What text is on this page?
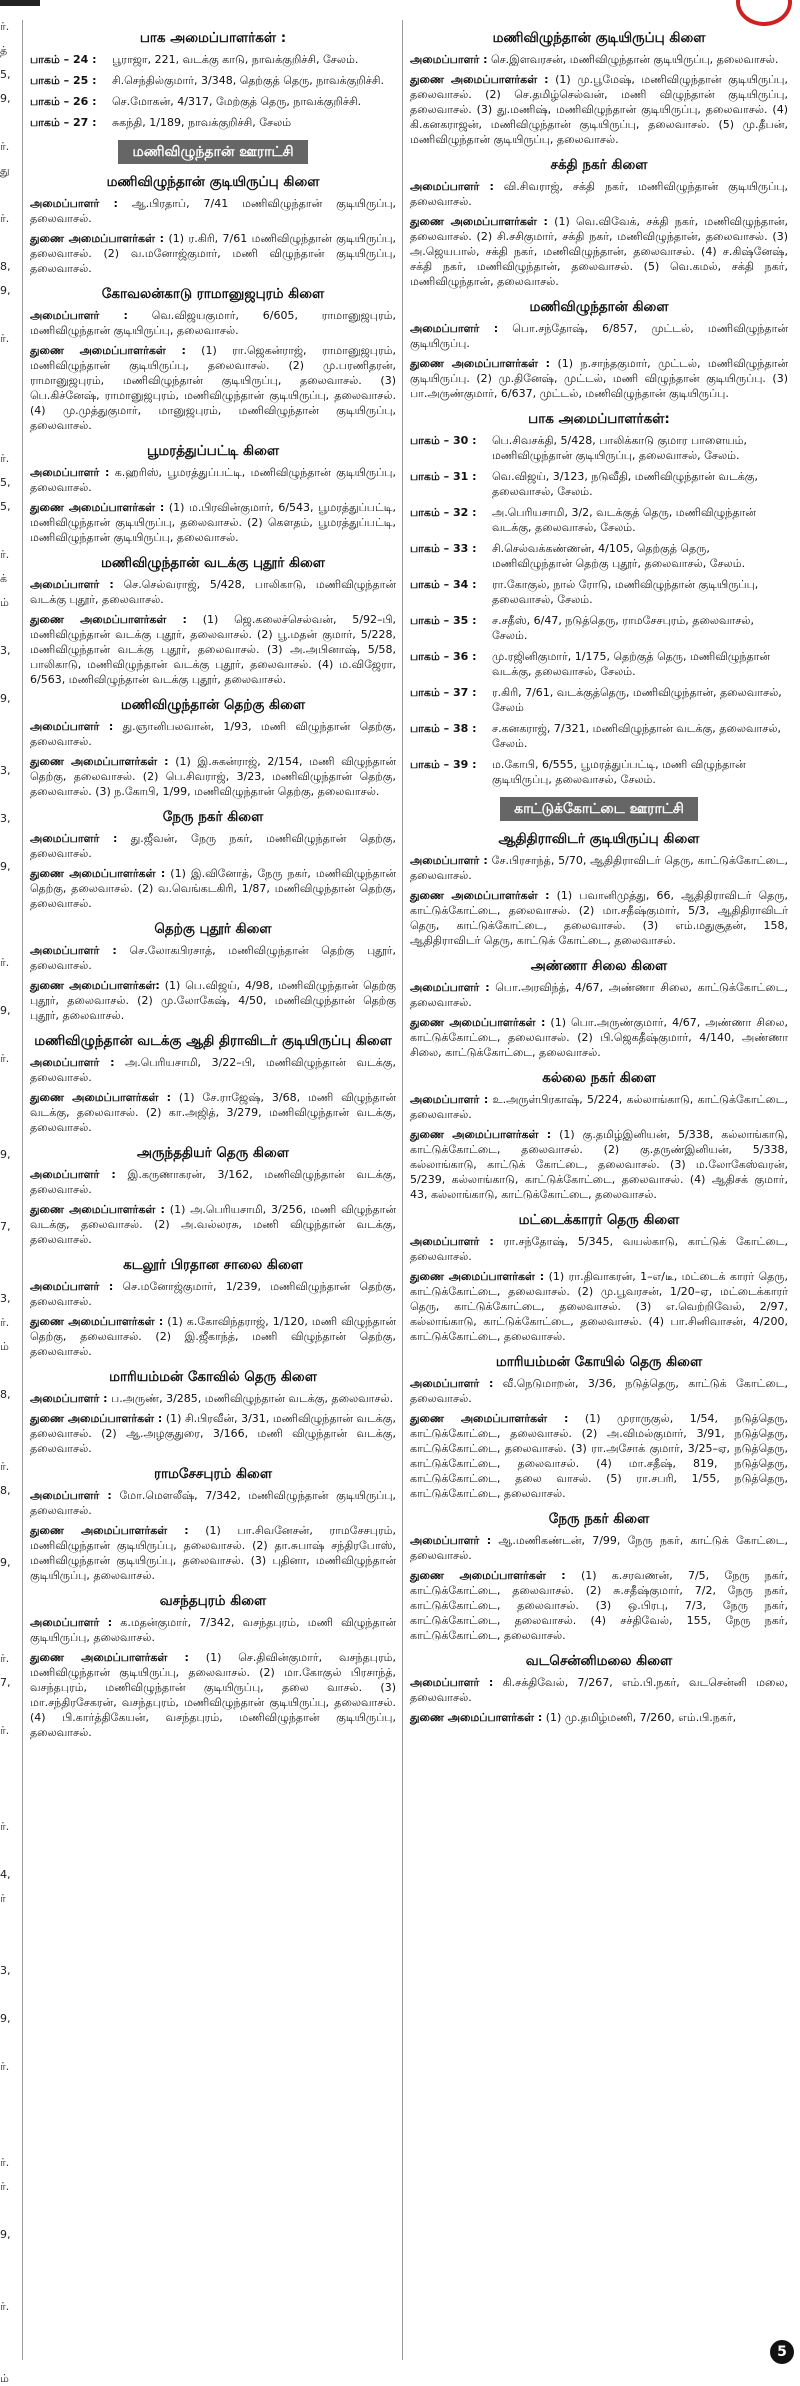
ர்.
த்
5,
9,
ர்.
து
ர்.
8,
9,
ர்.
ர்.
5,
5,
ர்.
க்
ம்
3,
9,
3,
3,
9,
ர்.
9,
ர்.
9,
7,
3,
ர்.
ம்
8,
ர்.
8,
9,
ர்.
7,
ர்.
ர்.
4,
ர்
3,
9,
ர்.
ர்.
ர்.
9,
ர்.
ம்
பாக அமைப்பாளர்கள் :
பாகம் – 24 :	பூராஜா, 221, வடக்கு காடு, நாவக்குறிச்சி, சேலம்.
பாகம் – 25 :	சி.செந்தில்குமார், 3/348, தெற்குத் தெரு, நாவக்குறிச்சி.
பாகம் – 26 :	செ.மோகன், 4/317, மேற்குத் தெரு, நாவக்குறிச்சி.
பாகம் – 27 :	சுகந்தி, 1/189, நாவக்குறிச்சி, சேலம்
மணிவிழுந்தான் ஊராட்சி
மணிவிழுந்தான் குடியிருப்பு கிளை
அமைப்பாளர் : ஆ.பிரதாப், 7/41 மணிவிழுந்தான் குடியிருப்பு, தலைவாசல்.
துணை அமைப்பாளர்கள் : (1) ர.கிரி, 7/61 மணிவிழுந்தான் குடியிருப்பு, தலைவாசல். (2) வ.மனோஜ்குமார், மணி விழுந்தான் குடியிருப்பு, தலைவாசல்.
கோவலன்காடு ராமானுஜபுரம் கிளை
அமைப்பாளர் : வெ.விஜயகுமார், 6/605, ராமானுஜபுரம், மணிவிழுந்தான் குடியிருப்பு, தலைவாசல்.
துணை அமைப்பாளர்கள் : (1) ரா.ஜெகன்ராஜ், ராமானுஜபுரம், மணிவிழுந்தான் குடியிருப்பு, தலைவாசல். (2) மு.பரணிதரன், ராமானுஜபுரம், மணிவிழுந்தான் குடியிருப்பு, தலைவாசல். (3) பெ.கிச்னேஷ், ராமானுஜபுரம், மணிவிழுந்தான் குடியிருப்பு, தலைவாசல். (4) மு.முத்துகுமார், மானுஜபுரம், மணிவிழுந்தான் குடியிருப்பு, தலைவாசல்.
பூமரத்துப்பட்டி கிளை
அமைப்பாளர் : க.ஹரிஸ், பூமரத்துப்பட்டி, மணிவிழுந்தான் குடியிருப்பு, தலைவாசல்.
துணை அமைப்பாளர்கள் : (1) ம.பிரவின்குமார், 6/543, பூமரத்துப்பட்டி, மணிவிழுந்தான் குடியிருப்பு, தலைவாசல். (2) கௌதம், பூமரத்துப்பட்டி, மணிவிழுந்தான் குடியிருப்பு, தலைவாசல்.
மணிவிழுந்தான் வடக்கு புதூர் கிளை
அமைப்பாளர் : செ.செல்வராஜ், 5/428, பாலிகாடு, மணிவிழுந்தான் வடக்கு புதூர், தலைவாசல்.
துணை அமைப்பாளர்கள் : (1) ஜெ.கலைச்செல்வன், 5/92–பி, மணிவிழுந்தான் வடக்கு புதூர், தலைவாசல். (2) பூ.மதன் குமார், 5/228, மணிவிழுந்தான் வடக்கு புதூர், தலைவாசல். (3) அ.அபினாஷ், 5/58, பாலிகாடு, மணிவிழுந்தான் வடக்கு புதூர், தலைவாசல். (4) ம.விஜேரா, 6/563, மணிவிழுந்தான் வடக்கு புதூர், தலைவாசல்.
மணிவிழுந்தான் தெற்கு கிளை
அமைப்பாளர் : து.ஞானிபலவான், 1/93, மணி விழுந்தான் தெற்கு, தலைவாசல்.
துணை அமைப்பாளர்கள் : (1) இ.சுகன்ராஜ், 2/154, மணி விழுந்தான் தெற்கு, தலைவாசல். (2) பெ.சிவராஜ், 3/23, மணிவிழுந்தான் தெற்கு, தலைவாசல். (3) ந.கோபி, 1/99, மணிவிழுந்தான் தெற்கு, தலைவாசல்.
நேரு நகர் கிளை
அமைப்பாளர் : து.ஜீவன், நேரு நகர், மணிவிழுந்தான் தெற்கு, தலைவாசல்.
துணை அமைப்பாளர்கள் : (1) இ.வினோத், நேரு நகர், மணிவிழுந்தான் தெற்கு, தலைவாசல். (2) வ.வெங்கடகிரி, 1/87, மணிவிழுந்தான் தெற்கு, தலைவாசல்.
தெற்கு புதூர் கிளை
அமைப்பாளர் : செ.லோகபிரசாத், மணிவிழுந்தான் தெற்கு புதூர், தலைவாசல்.
துணை அமைப்பாளர்கள்: (1) பெ.விஜய், 4/98, மணிவிழுந்தான் தெற்கு புதூர், தலைவாசல். (2) மு.லோகேஷ், 4/50, மணிவிழுந்தான் தெற்கு புதூர், தலைவாசல்.
மணிவிழுந்தான் வடக்கு ஆதி திராவிடர் குடியிருப்பு கிளை
அமைப்பாளர் : அ.பெரியசாமி, 3/22–பி, மணிவிழுந்தான் வடக்கு, தலைவாசல்.
துணை அமைப்பாளர்கள் : (1) சே.ராஜேஷ், 3/68, மணி விழுந்தான் வடக்கு, தலைவாசல். (2) கா.அஜித், 3/279, மணிவிழுந்தான் வடக்கு, தலைவாசல்.
அருந்ததியர் தெரு கிளை
அமைப்பாளர் : இ.கருணாகரன், 3/162, மணிவிழுந்தான் வடக்கு, தலைவாசல்.
துணை அமைப்பாளர்கள் : (1) அ.பெரியசாமி, 3/256, மணி விழுந்தான் வடக்கு, தலைவாசல். (2) அ.வல்லரசு, மணி விழுந்தான் வடக்கு, தலைவாசல்.
கடலூர் பிரதான சாலை கிளை
அமைப்பாளர் : செ.மனோஜ்குமார், 1/239, மணிவிழுந்தான் தெற்கு, தலைவாசல்.
துணை அமைப்பாளர்கள் : (1) க.கோவிந்தராஜ், 1/120, மணி விழுந்தான் தெற்கு, தலைவாசல். (2) இ.ஜீகாந்த், மணி விழுந்தான் தெற்கு, தலைவாசல்.
மாரியம்மன் கோவில் தெரு கிளை
அமைப்பாளர் : ப.அருண், 3/285, மணிவிழுந்தான் வடக்கு, தலைவாசல்.
துணை அமைப்பாளர்கள் : (1) சி.பிரவீன், 3/31, மணிவிழுந்தான் வடக்கு, தலைவாசல். (2) ஆ.அழகுதுரை, 3/166, மணி விழுந்தான் வடக்கு, தலைவாசல்.
ராமசேசபுரம் கிளை
அமைப்பாளர் : மோ.மௌலீஷ், 7/342, மணிவிழுந்தான் குடியிருப்பு, தலைவாசல்.
துணை அமைப்பாளர்கள் : (1) பா.சிவனேசன், ராமசேசபுரம், மணிவிழுந்தான் குடியிருப்பு, தலைவாசல். (2) தா.சுபாஷ் சந்திரபோஸ், மணிவிழுந்தான் குடியிருப்பு, தலைவாசல். (3) புதினா, மணிவிழுந்தான் குடியிருப்பு, தலைவாசல்.
வசந்தபுரம் கிளை
அமைப்பாளர் : க.மதன்குமார், 7/342, வசந்தபுரம், மணி விழுந்தான் குடியிருப்பு, தலைவாசல்.
துணை அமைப்பாளர்கள் : (1) செ.திவின்குமார், வசந்தபுரம், மணிவிழுந்தான் குடியிருப்பு, தலைவாசல். (2) மா.கோகுல் பிரசாந்த், வசந்தபுரம், மணிவிழுந்தான் குடியிருப்பு, தலை வாசல். (3) மா.சந்திரசேகரன், வசந்தபுரம், மணிவிழுந்தான் குடியிருப்பு, தலைவாசல். (4) பி.கார்த்திகேயன், வசந்தபுரம், மணிவிழுந்தான் குடியிருப்பு, தலைவாசல்.
மணிவிழுந்தான் குடியிருப்பு கிளை
அமைப்பாளர் : செ.இளவரசன், மணிவிழுந்தான் குடியிருப்பு, தலைவாசல்.
துணை அமைப்பாளர்கள் : (1) மு.பூமேஷ், மணிவிழுந்தான் குடியிருப்பு, தலைவாசல். (2) செ.தமிழ்செல்வன், மணி விழுந்தான் குடியிருப்பு, தலைவாசல். (3) து.மணிஷ், மணிவிழுந்தான் குடியிருப்பு, தலைவாசல். (4) கி.கனகராஜன், மணிவிழுந்தான் குடியிருப்பு, தலைவாசல். (5) மு.தீபன், மணிவிழுந்தான் குடியிருப்பு, தலைவாசல்.
சக்தி நகர் கிளை
அமைப்பாளர் : வி.சிவராஜ், சக்தி நகர், மணிவிழுந்தான் குடியிருப்பு, தலைவாசல்.
துணை அமைப்பாளர்கள் : (1) வெ.விவேக், சக்தி நகர், மணிவிழுந்தான், தலைவாசல். (2) சி.சசிகுமார், சக்தி நகர், மணிவிழுந்தான், தலைவாசல். (3) அ.ஜெயபால், சக்தி நகர், மணிவிழுந்தான், தலைவாசல். (4) ச.கிஷ்னேஷ், சக்தி நகர், மணிவிழுந்தான், தலைவாசல். (5) வெ.கமல், சக்தி நகர், மணிவிழுந்தான், தலைவாசல்.
மணிவிழுந்தான் கிளை
அமைப்பாளர் : பொ.சந்தோஷ், 6/857, முட்டல், மணிவிழுந்தான் குடியிருப்பு.
துணை அமைப்பாளர்கள் : (1) ந.சாந்தகுமார், முட்டல், மணிவிழுந்தான் குடியிருப்பு. (2) மு.தினேஷ், முட்டல், மணி விழுந்தான் குடியிருப்பு. (3) பா.அருண்குமார், 6/637, முட்டல், மணிவிழுந்தான் குடியிருப்பு.
பாக அமைப்பாளர்கள்:
பாகம் – 30 :	பெ.சிவசக்தி, 5/428, பாலிக்காடு குமார பாளையம், மணிவிழுந்தான் குடியிருப்பு, தலைவாசல், சேலம்.
பாகம் – 31 :	வெ.விஜய், 3/123, நடுவீதி, மணிவிழுந்தான் வடக்கு, தலைவாசல், சேலம்.
பாகம் – 32 :	அ.பெரியசாமி, 3/2, வடக்குத் தெரு, மணிவிழுந்தான் வடக்கு, தலைவாசல், சேலம்.
பாகம் – 33 :	சி.செல்வக்கண்ணன், 4/105, தெற்குத் தெரு, மணிவிழுந்தான் தெற்கு புதூர், தலைவாசல், சேலம்.
பாகம் – 34 :	ரா.கோகுல், நால் ரோடு, மணிவிழுந்தான் குடியிருப்பு, தலைவாசல், சேலம்.
பாகம் – 35 :	ச.சதீஸ், 6/47, நடுத்தெரு, ராமசேசபுரம், தலைவாசல், சேலம்.
பாகம் – 36 :	மு.ரஜினிகுமார், 1/175, தெற்குத் தெரு, மணிவிழுந்தான் வடக்கு, தலைவாசல், சேலம்.
பாகம் – 37 :	ர.கிரி, 7/61, வடக்குத்தெரு, மணிவிழுந்தான், தலைவாசல், சேலம்
பாகம் – 38 :	ச.கனகராஜ், 7/321, மணிவிழுந்தான் வடக்கு, தலைவாசல், சேலம்.
பாகம் – 39 :	ம.கோபி, 6/555, பூமரத்துப்பட்டி, மணி விழுந்தான் குடியிருப்பு, தலைவாசல், சேலம்.
காட்டுக்கோட்டை ஊராட்சி
ஆதிதிராவிடர் குடியிருப்பு கிளை
அமைப்பாளர் : சே.பிரசாந்த், 5/70, ஆதிதிராவிடர் தெரு, காட்டுக்கோட்டை, தலைவாசல்.
துணை அமைப்பாளர்கள் : (1) பவானிமுத்து, 66, ஆதிதிராவிடர் தெரு, காட்டுக்கோட்டை, தலைவாசல். (2) மா.சதீஷ்குமார், 5/3, ஆதிதிராவிடர் தெரு, காட்டுக்கோட்டை, தலைவாசல். (3) எம்.மதுசூதன், 158, ஆதிதிராவிடர் தெரு, காட்டுக் கோட்டை, தலைவாசல்.
அண்ணா சிலை கிளை
அமைப்பாளர் : பொ.அரவிந்த், 4/67, அண்ணா சிலை, காட்டுக்கோட்டை, தலைவாசல்.
துணை அமைப்பாளர்கள் : (1) பொ.அருண்குமார், 4/67, அண்ணா சிலை, காட்டுக்கோட்டை, தலைவாசல். (2) பி.ஜெகதீஷ்குமார், 4/140, அண்ணா சிலை, காட்டுக்கோட்டை, தலைவாசல்.
கல்லை நகர் கிளை
அமைப்பாளர் : உ.அருள்பிரகாஷ், 5/224, கல்லாங்காடு, காட்டுக்கோட்டை, தலைவாசல்.
துணை அமைப்பாளர்கள் : (1) கு.தமிழ்இனியன், 5/338, கல்லாங்காடு, காட்டுக்கோட்டை, தலைவாசல். (2) கு.தருண்இனியன், 5/338, கல்லாங்காடு, காட்டுக் கோட்டை, தலைவாசல். (3) ம.லோகேஸ்வரன், 5/239, கல்லாங்காடு, காட்டுக்கோட்டை, தலைவாசல். (4) ஆதிசக் குமார், 43, கல்லாங்காடு, காட்டுக்கோட்டை, தலைவாசல்.
மட்டைக்காரர் தெரு கிளை
அமைப்பாளர் : ரா.சந்தோஷ், 5/345, வயல்காடு, காட்டுக் கோட்டை, தலைவாசல்.
துணை அமைப்பாளர்கள் : (1) ரா.திவாகரன், 1–எ/டீ, மட்டைக் காரர் தெரு, காட்டுக்கோட்டை, தலைவாசல். (2) மு.பூவரசன், 1/20–ஏ, மட்டைக்காரர் தெரு, காட்டுக்கோட்டை, தலைவாசல். (3) எ.வெற்றிவேல், 2/97, கல்லாங்காடு, காட்டுக்கோட்டை, தலைவாசல். (4) பா.சினிவாசன், 4/200, காட்டுக்கோட்டை, தலைவாசல்.
மாரியம்மன் கோயில் தெரு கிளை
அமைப்பாளர் : வீ.நெடுமாறன், 3/36, நடுத்தெரு, காட்டுக் கோட்டை, தலைவாசல்.
துணை அமைப்பாளர்கள் : (1) முராருகுல், 1/54, நடுத்தெரு, காட்டுக்கோட்டை, தலைவாசல். (2) அ.விமல்குமார், 3/91, நடுத்தெரு, காட்டுக்கோட்டை, தலைவாசல். (3) ரா.அசோக் குமார், 3/25–ஏ, நடுத்தெரு, காட்டுக்கோட்டை, தலைவாசல். (4) மா.சதீஷ், 819, நடுத்தெரு, காட்டுக்கோட்டை, தலை வாசல். (5) ரா.சபரி, 1/55, நடுத்தெரு, காட்டுக்கோட்டை, தலைவாசல்.
நேரு நகர் கிளை
அமைப்பாளர் : ஆ.மணிகண்டன், 7/99, நேரு நகர், காட்டுக் கோட்டை, தலைவாசல்.
துணை அமைப்பாளர்கள் : (1) க.சரவணன், 7/5, நேரு நகர், காட்டுக்கோட்டை, தலைவாசல். (2) சு.சதீஷ்குமார், 7/2, நேரு நகர், காட்டுக்கோட்டை, தலைவாசல். (3) ஒ.பிரபு, 7/3, நேரு நகர், காட்டுக்கோட்டை, தலைவாசல். (4) சச்திவேல், 155, நேரு நகர், காட்டுக்கோட்டை, தலைவாசல்.
வடசென்னிமலை கிளை
அமைப்பாளர் : கி.சக்திவேல், 7/267, எம்.பி.நகர், வடசென்னி மலை, தலைவாசல்.
துணை அமைப்பாளர்கள் : (1) மு.தமிழ்மணி, 7/260, எம்.பி.நகர்,
5
